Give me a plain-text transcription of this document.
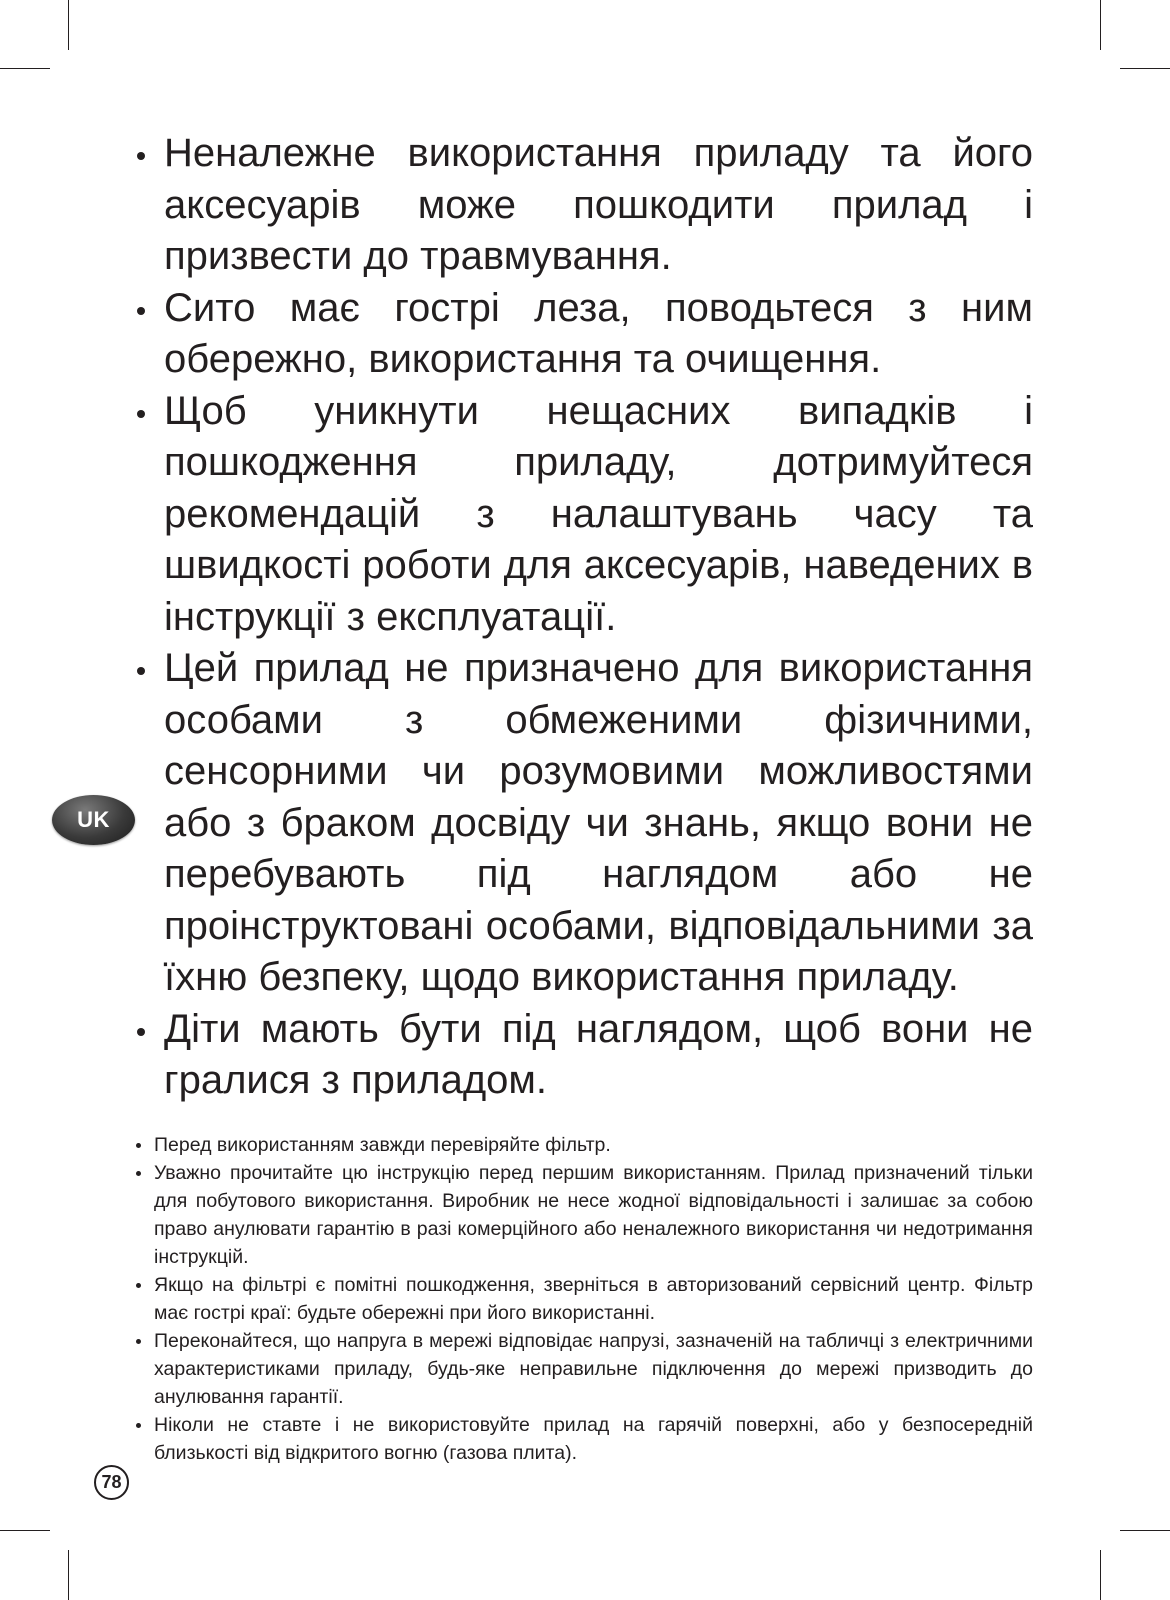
Неналежне використання приладу та його аксесуарів може пошкодити прилад і призвести до травмування.
Сито має гострі леза, поводьтеся з ним обережно, використання та очищення.
Щоб уникнути нещасних випадків і пошкодження приладу, дотримуйтеся рекомендацій з налаштувань часу та швидкості роботи для аксесуарів, наведених в інструкції з експлуатації.
Цей прилад не призначено для використання особами з обмеженими фізичними, сенсорними чи розумовими можливостями або з браком досвіду чи знань, якщо вони не перебувають під наглядом або не проінструктовані особами, відповідальними за їхню безпеку, щодо використання приладу.
Діти мають бути під наглядом, щоб вони не гралися з приладом.
UK
Перед використанням завжди перевіряйте фільтр.
Уважно прочитайте цю інструкцію перед першим використанням. Прилад призначений тільки для побутового використання. Виробник не несе жодної відповідальності і залишає за собою право анулювати гарантію в разі комерційного або неналежного використання чи недотримання інструкцій.
Якщо на фільтрі є помітні пошкодження, зверніться в авторизований сервісний центр. Фільтр має гострі краї: будьте обережні при його використанні.
Переконайтеся, що напруга в мережі відповідає напрузі, зазначеній на табличці з електричними характеристиками приладу, будь-яке неправильне підключення до мережі призводить до анулювання гарантії.
Ніколи не ставте і не використовуйте прилад на гарячій поверхні, або у безпосередній близькості від відкритого вогню (газова плита).
78
